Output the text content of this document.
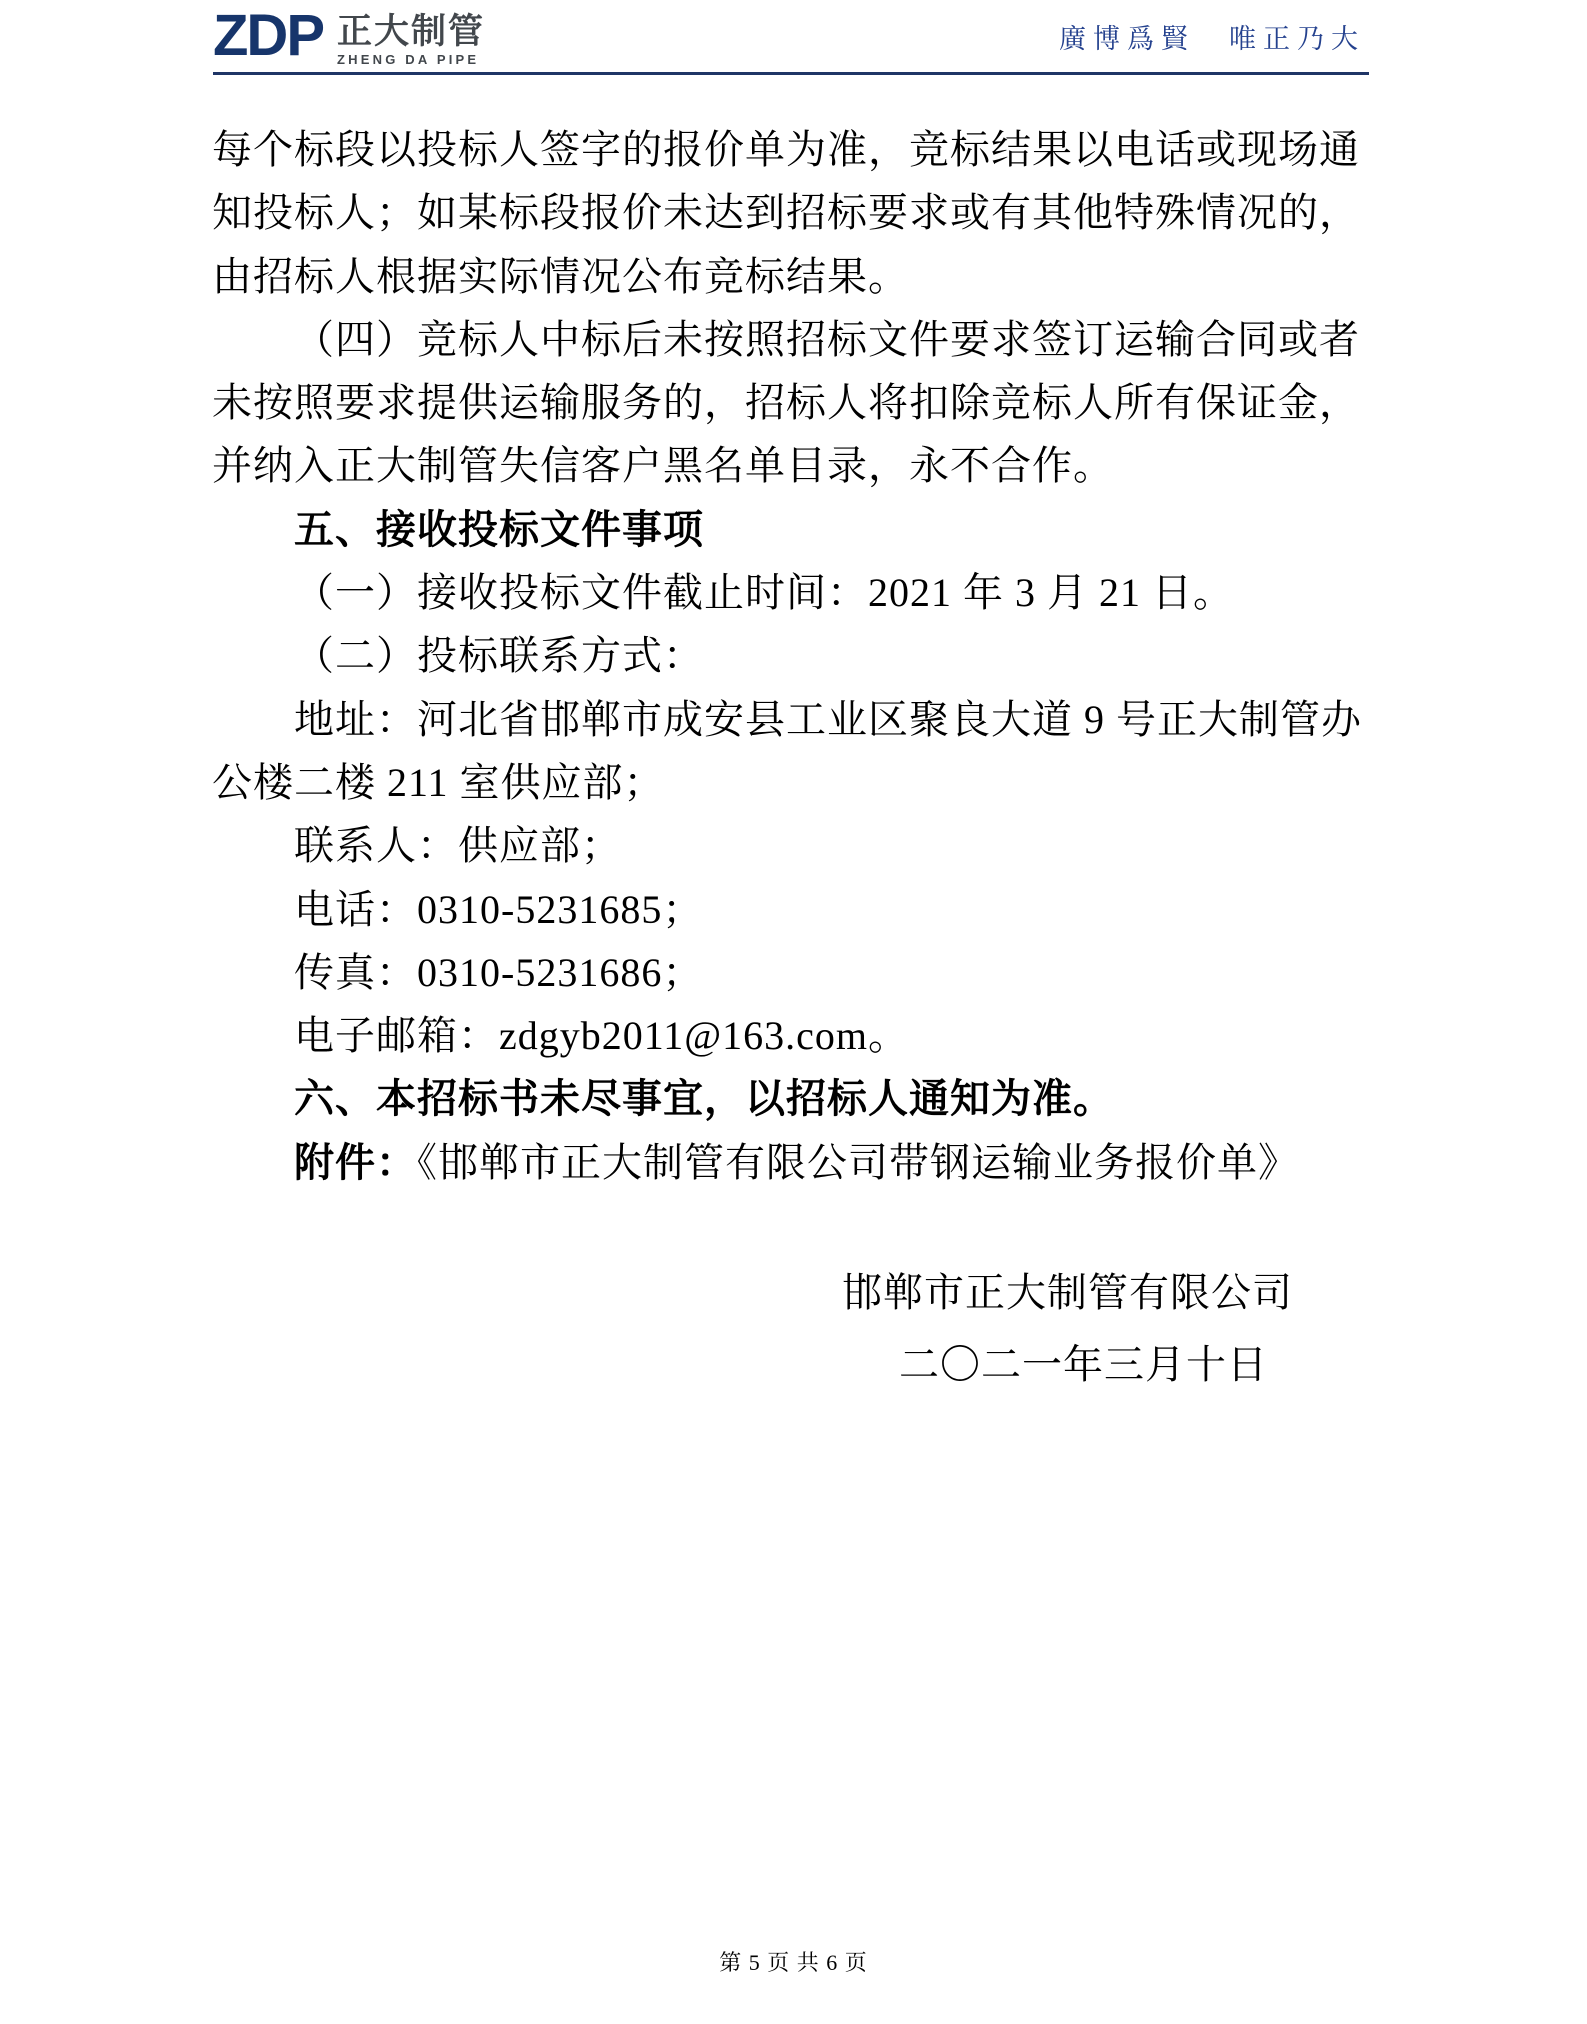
ZDP 正大制管
ZHENG DA PIPE
廣博爲賢　唯正乃大
每个标段以投标人签字的报价单为准，竞标结果以电话或现场通
知投标人；如某标段报价未达到招标要求或有其他特殊情况的，
由招标人根据实际情况公布竞标结果。
（四）竞标人中标后未按照招标文件要求签订运输合同或者
未按照要求提供运输服务的，招标人将扣除竞标人所有保证金，
并纳入正大制管失信客户黑名单目录，永不合作。
五、接收投标文件事项
（一）接收投标文件截止时间：2021 年 3 月 21 日。
（二）投标联系方式：
地址：河北省邯郸市成安县工业区聚良大道 9 号正大制管办
公楼二楼 211 室供应部；
联系人：供应部；
电话：0310-5231685；
传真：0310-5231686；
电子邮箱：zdgyb2011@163.com。
六、本招标书未尽事宜，以招标人通知为准。
附件：《邯郸市正大制管有限公司带钢运输业务报价单》
邯郸市正大制管有限公司
二〇二一年三月十日
第 5 页 共 6 页
